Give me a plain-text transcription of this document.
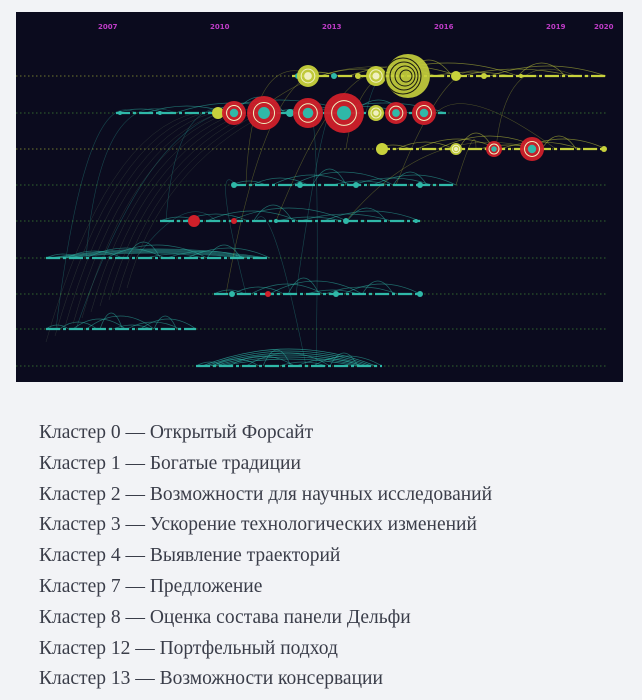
2007	2010	2013	2016	2019	2020
Кластер 0 — Открытый Форсайт
Кластер 1 — Богатые традиции
Кластер 2 — Возможности для научных исследований
Кластер 3 — Ускорение технологических изменений
Кластер 4 — Выявление траекторий
Кластер 7 — Предложение
Кластер 8 — Оценка состава панели Дельфи
Кластер 12 — Портфельный подход
Кластер 13 — Возможности консервации
